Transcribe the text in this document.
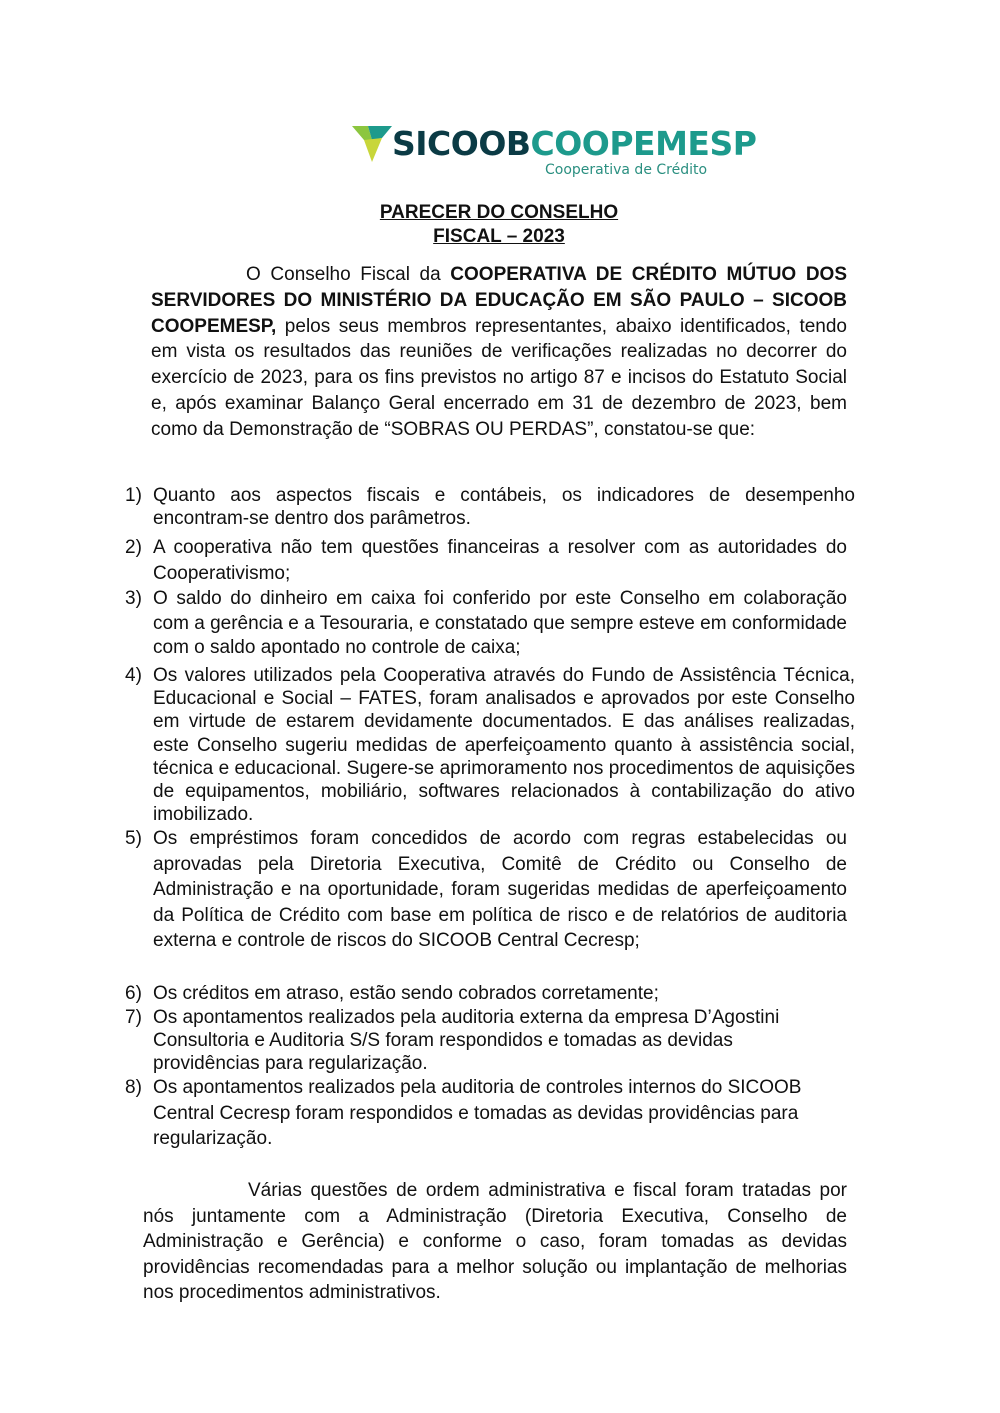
SICOOBCOOPEMESP
Cooperativa de Crédito
PARECER DO CONSELHO
FISCAL – 2023
O Conselho Fiscal da COOPERATIVA DE CRÉDITO MÚTUO DOS SERVIDORES DO MINISTÉRIO DA EDUCAÇÃO EM SÃO PAULO – SICOOB COOPEMESP, pelos seus membros representantes, abaixo identificados, tendo em vista os resultados das reuniões de verificações realizadas no decorrer do exercício de 2023, para os fins previstos no artigo 87 e incisos do Estatuto Social e, após examinar Balanço Geral encerrado em 31 de dezembro de 2023, bem como da Demonstração de “SOBRAS OU PERDAS”, constatou-se que:
1) Quanto aos aspectos fiscais e contábeis, os indicadores de desempenho encontram-se dentro dos parâmetros.
2) A cooperativa não tem questões financeiras a resolver com as autoridades do Cooperativismo;
3) O saldo do dinheiro em caixa foi conferido por este Conselho em colaboração com a gerência e a Tesouraria, e constatado que sempre esteve em conformidade com o saldo apontado no controle de caixa;
4) Os valores utilizados pela Cooperativa através do Fundo de Assistência Técnica, Educacional e Social – FATES, foram analisados e aprovados por este Conselho em virtude de estarem devidamente documentados. E das análises realizadas, este Conselho sugeriu medidas de aperfeiçoamento quanto à assistência social, técnica e educacional. Sugere-se aprimoramento nos procedimentos de aquisições de equipamentos, mobiliário, softwares relacionados à contabilização do ativo imobilizado.
5) Os empréstimos foram concedidos de acordo com regras estabelecidas ou aprovadas pela Diretoria Executiva, Comitê de Crédito ou Conselho de Administração e na oportunidade, foram sugeridas medidas de aperfeiçoamento da Política de Crédito com base em política de risco e de relatórios de auditoria externa e controle de riscos do SICOOB Central Cecresp;
6) Os créditos em atraso, estão sendo cobrados corretamente;
7) Os apontamentos realizados pela auditoria externa da empresa D’Agostini Consultoria e Auditoria S/S foram respondidos e tomadas as devidas providências para regularização.
8) Os apontamentos realizados pela auditoria de controles internos do SICOOB Central Cecresp foram respondidos e tomadas as devidas providências para regularização.
Várias questões de ordem administrativa e fiscal foram tratadas por nós juntamente com a Administração (Diretoria Executiva, Conselho de Administração e Gerência) e conforme o caso, foram tomadas as devidas providências recomendadas para a melhor solução ou implantação de melhorias nos procedimentos administrativos.
